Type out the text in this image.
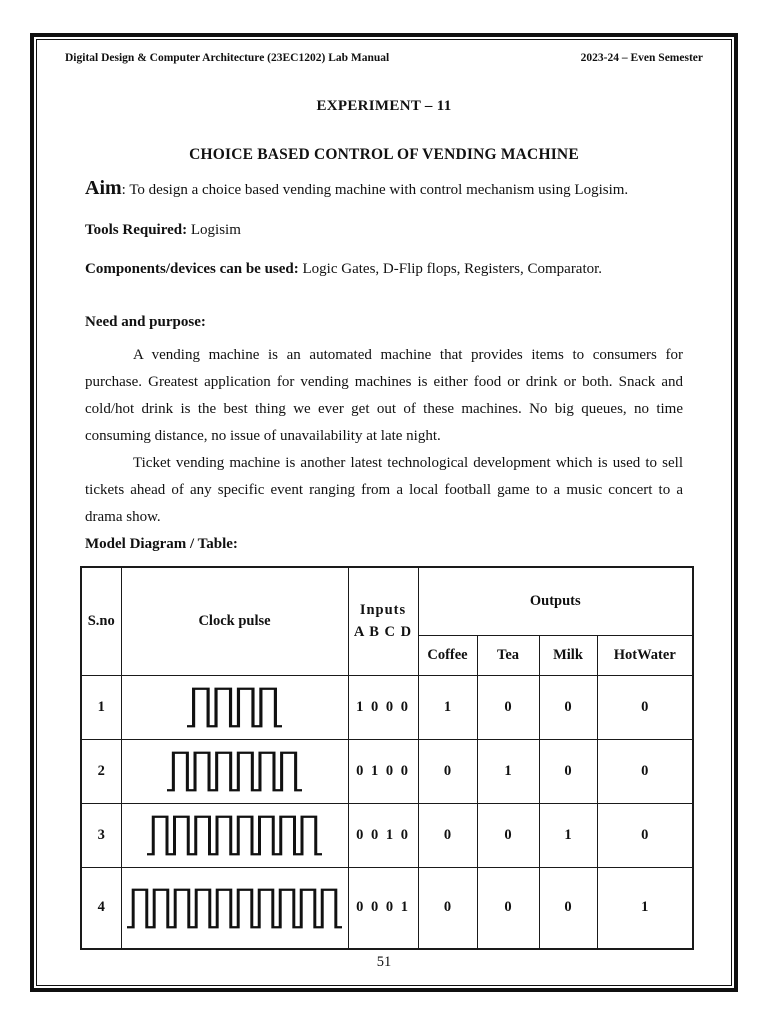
Digital Design & Computer Architecture (23EC1202) Lab Manual	2023-24 – Even Semester
EXPERIMENT – 11
CHOICE BASED CONTROL OF VENDING MACHINE

Aim: To design a choice based vending machine with control mechanism using Logisim.

Tools Required: Logisim

Components/devices can be used: Logic Gates, D-Flip flops, Registers, Comparator.

Need and purpose:

A vending machine is an automated machine that provides items to consumers for purchase. Greatest application for vending machines is either food or drink or both. Snack and cold/hot drink is the best thing we ever get out of these machines. No big queues, no time consuming distance, no issue of unavailability at late night.

Ticket vending machine is another latest technological development which is used to sell tickets ahead of any specific event ranging from a local football game to a music concert to a drama show.

Model Diagram / Table:
S.no	Clock pulse	Inputs
A B C D	Outputs			
			Coffee	Tea	Milk	HotWater
1		1 0 0 0	1	0	0	0
2		0 1 0 0	0	1	0	0
3		0 0 1 0	0	0	1	0
4		0 0 0 1	0	0	0	1
51
